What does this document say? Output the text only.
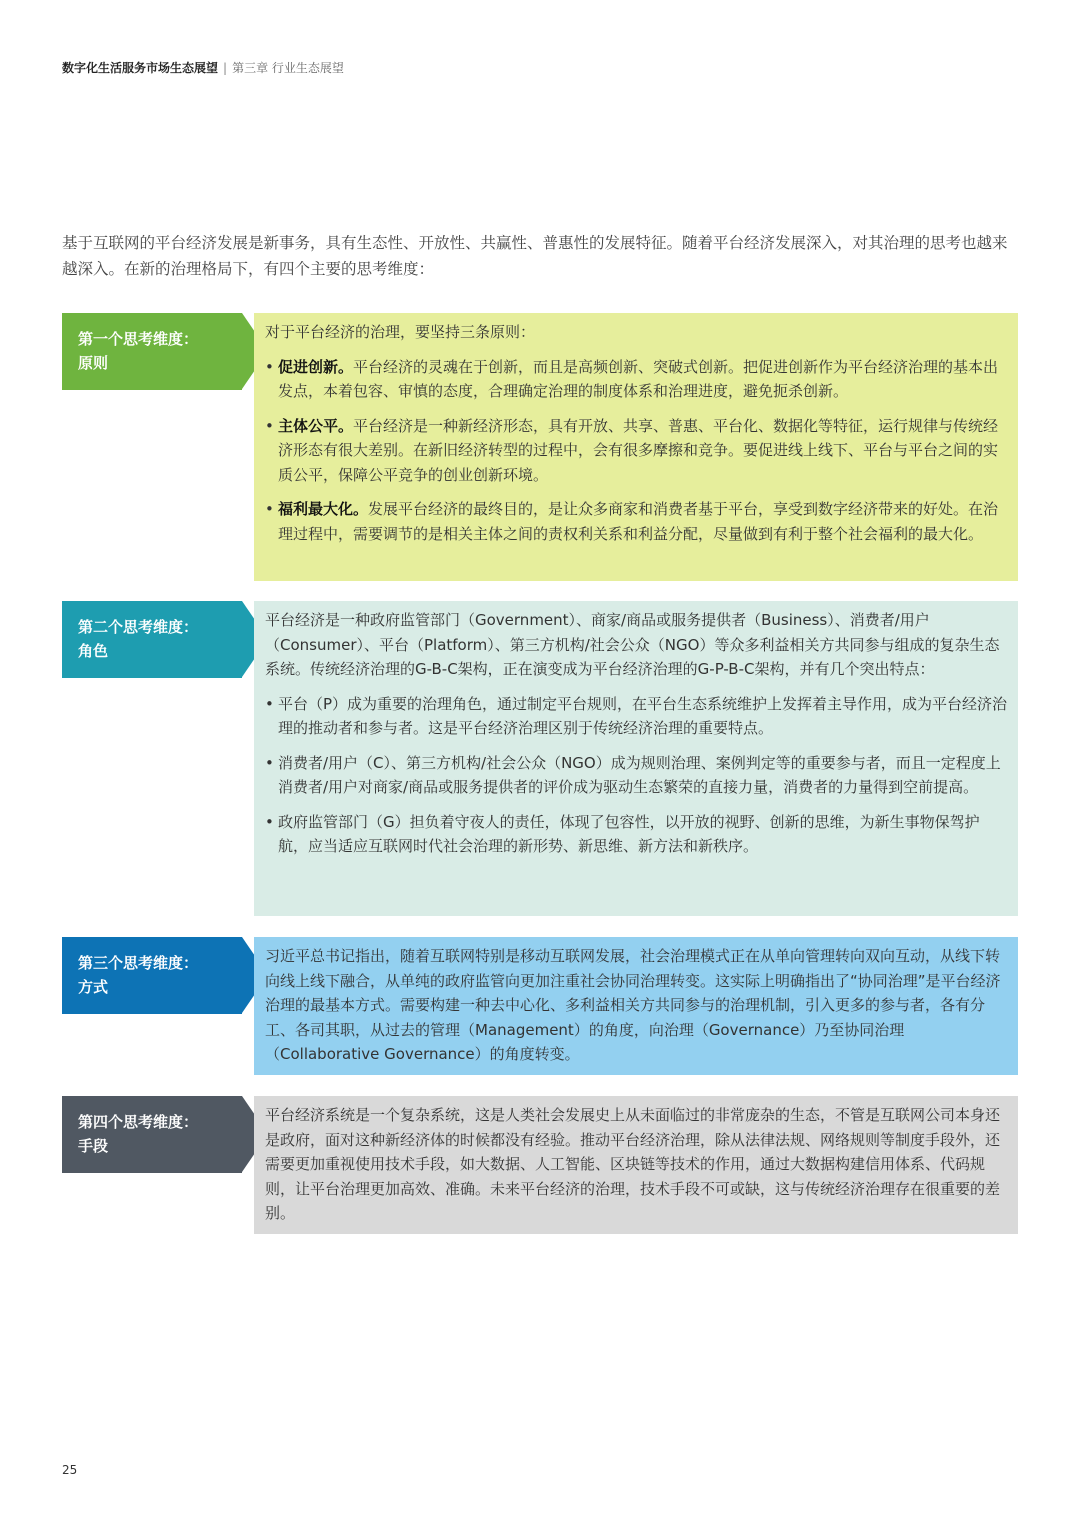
数字化生活服务市场生态展望 | 第三章 行业生态展望
基于互联网的平台经济发展是新事务，具有生态性、开放性、共赢性、普惠性的发展特征。随着平台经济发展深入，对其治理的思考也越来越深入。在新的治理格局下，有四个主要的思考维度：
第一个思考维度：
原则

对于平台经济的治理，要坚持三条原则：

• 促进创新。平台经济的灵魂在于创新，而且是高频创新、突破式创新。把促进创新作为平台经济治理的基本出发点，本着包容、审慎的态度，合理确定治理的制度体系和治理进度，避免扼杀创新。
• 主体公平。平台经济是一种新经济形态，具有开放、共享、普惠、平台化、数据化等特征，运行规律与传统经济形态有很大差别。在新旧经济转型的过程中，会有很多摩擦和竞争。要促进线上线下、平台与平台之间的实质公平，保障公平竞争的创业创新环境。
• 福利最大化。发展平台经济的最终目的，是让众多商家和消费者基于平台，享受到数字经济带来的好处。在治理过程中，需要调节的是相关主体之间的责权利关系和利益分配，尽量做到有利于整个社会福利的最大化。
第二个思考维度：
角色

平台经济是一种政府监管部门（Government）、商家/商品或服务提供者（Business）、消费者/用户（Consumer）、平台（Platform）、第三方机构/社会公众（NGO）等众多利益相关方共同参与组成的复杂生态系统。传统经济治理的G-B-C架构，正在演变成为平台经济治理的G-P-B-C架构，并有几个突出特点：

• 平台（P）成为重要的治理角色，通过制定平台规则，在平台生态系统维护上发挥着主导作用，成为平台经济治理的推动者和参与者。这是平台经济治理区别于传统经济治理的重要特点。
• 消费者/用户（C）、第三方机构/社会公众（NGO）成为规则治理、案例判定等的重要参与者，而且一定程度上消费者/用户对商家/商品或服务提供者的评价成为驱动生态繁荣的直接力量，消费者的力量得到空前提高。
• 政府监管部门（G）担负着守夜人的责任，体现了包容性，以开放的视野、创新的思维，为新生事物保驾护航，应当适应互联网时代社会治理的新形势、新思维、新方法和新秩序。
第三个思考维度：
方式

习近平总书记指出，随着互联网特别是移动互联网发展，社会治理模式正在从单向管理转向双向互动，从线下转向线上线下融合，从单纯的政府监管向更加注重社会协同治理转变。这实际上明确指出了“协同治理”是平台经济治理的最基本方式。需要构建一种去中心化、多利益相关方共同参与的治理机制，引入更多的参与者，各有分工、各司其职，从过去的管理（Management）的角度，向治理（Governance）乃至协同治理（Collaborative Governance）的角度转变。

第四个思考维度：
手段

平台经济系统是一个复杂系统，这是人类社会发展史上从未面临过的非常庞杂的生态，不管是互联网公司本身还是政府，面对这种新经济体的时候都没有经验。推动平台经济治理，除从法律法规、网络规则等制度手段外，还需要更加重视使用技术手段，如大数据、人工智能、区块链等技术的作用，通过大数据构建信用体系、代码规则，让平台治理更加高效、准确。未来平台经济的治理，技术手段不可或缺，这与传统经济治理存在很重要的差别。

25
